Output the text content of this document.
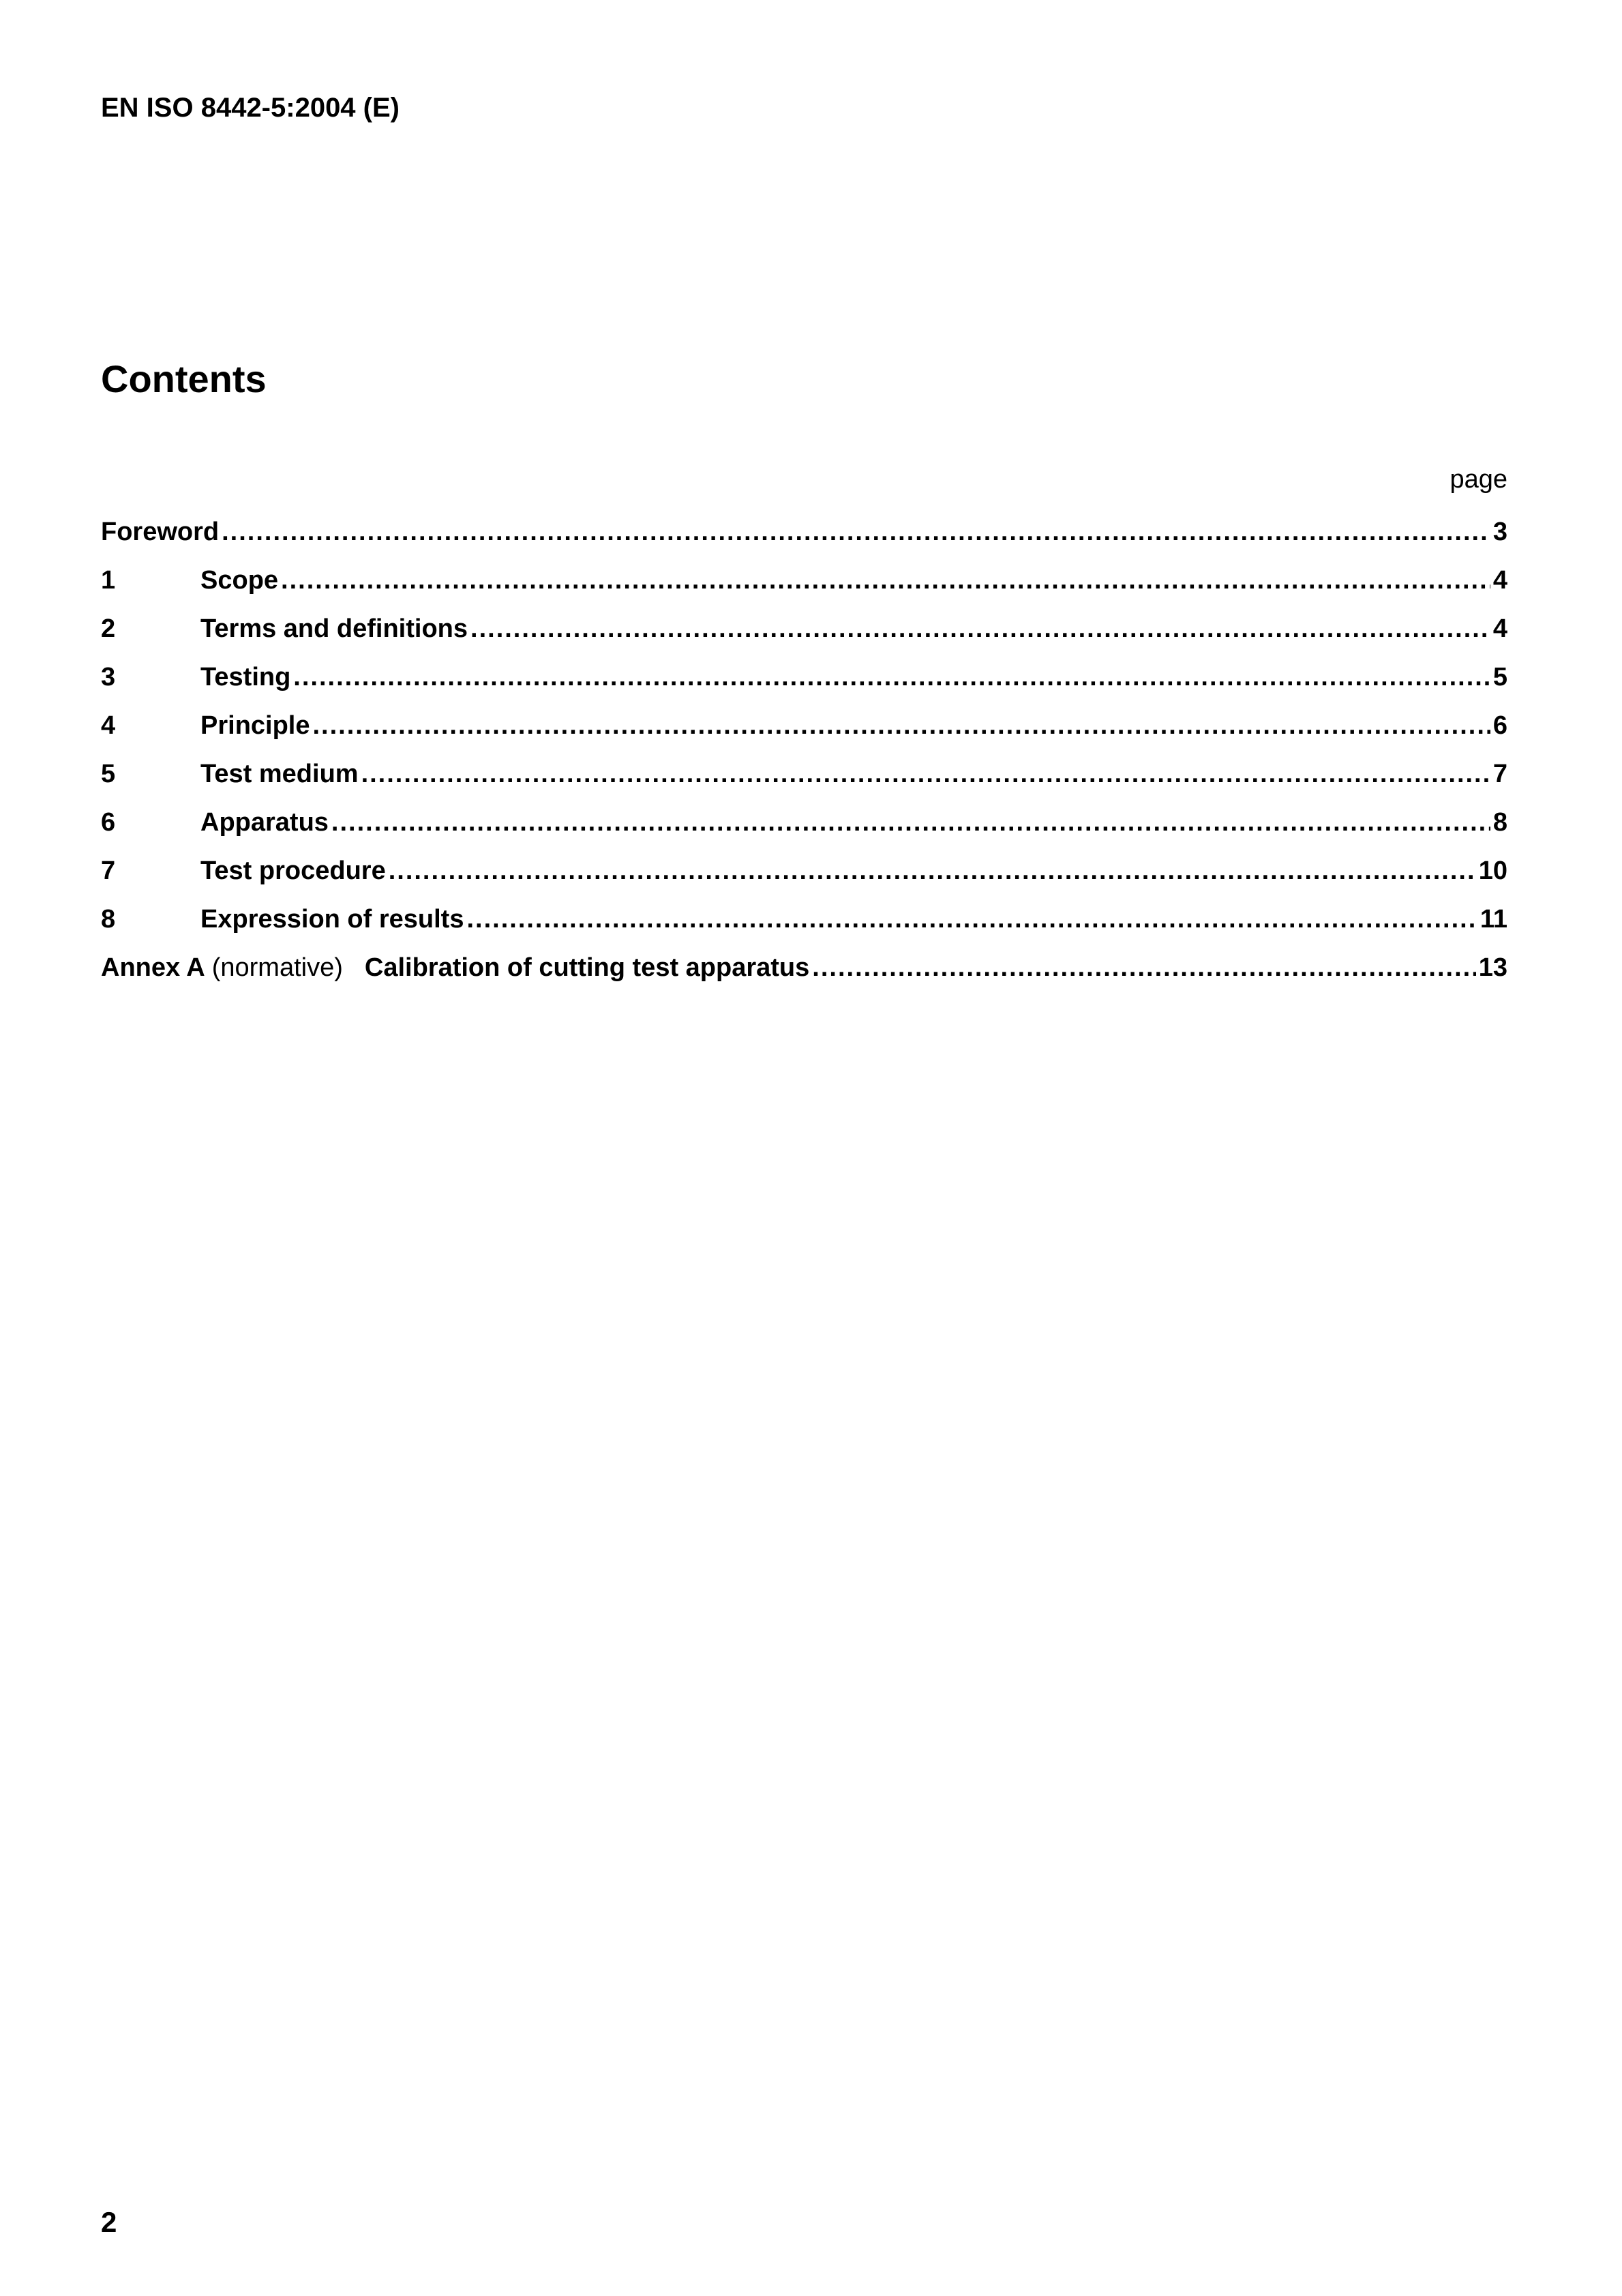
EN ISO 8442-5:2004 (E)
Contents
page
Foreword .....	3
1	Scope .....	4
2	Terms and definitions .....	4
3	Testing .....	5
4	Principle .....	6
5	Test medium .....	7
6	Apparatus .....	8
7	Test procedure .....	10
8	Expression of results .....	11
Annex A (normative) Calibration of cutting test apparatus .....	13
2
